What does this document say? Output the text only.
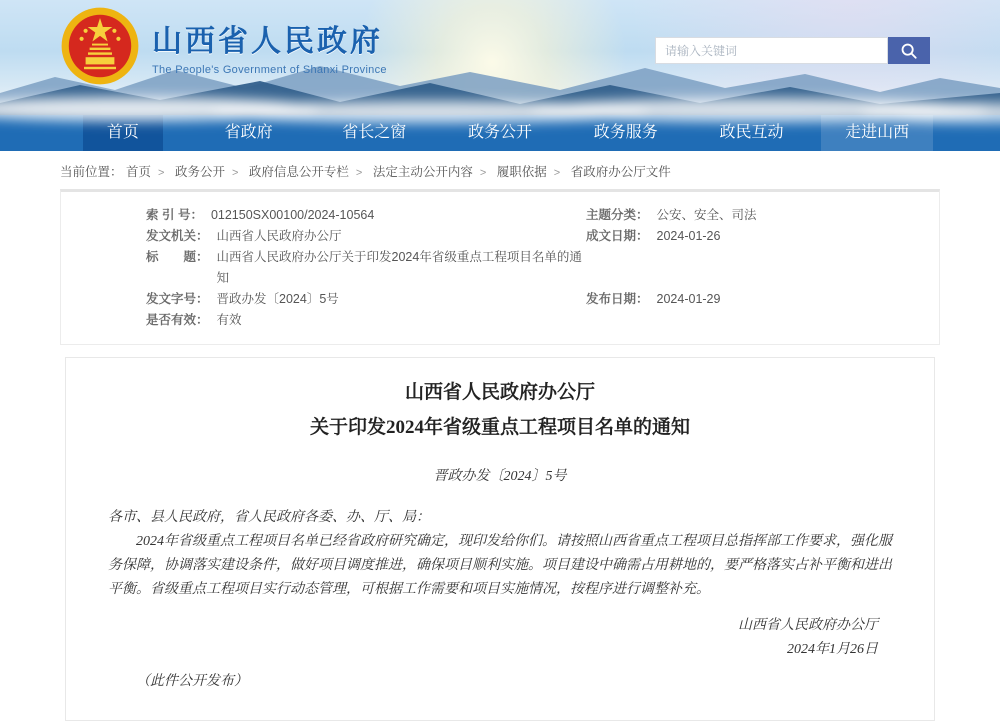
山西省人民政府
The People's Government of Shanxi Province
请输入关键词
首页	省政府	省长之窗	政务公开	政务服务	政民互动	走进山西
当前位置： 首页 > 政务公开 > 政府信息公开专栏 > 法定主动公开内容 > 履职依据 > 省政府办公厅文件
索 引 号： 012150SX00100/2024-10564	主题分类： 公安、安全、司法
发文机关： 山西省人民政府办公厅	成文日期： 2024-01-26
标　　题： 山西省人民政府办公厅关于印发2024年省级重点工程项目名单的通知
发文字号： 晋政办发〔2024〕5号	发布日期： 2024-01-29
是否有效： 有效
山西省人民政府办公厅
关于印发2024年省级重点工程项目名单的通知
晋政办发〔2024〕5号

各市、县人民政府，省人民政府各委、办、厅、局：

2024年省级重点工程项目名单已经省政府研究确定，现印发给你们。请按照山西省重点工程项目总指挥部工作要求，强化服务保障，协调落实建设条件，做好项目调度推进，确保项目顺利实施。项目建设中确需占用耕地的，要严格落实占补平衡和进出平衡。省级重点工程项目实行动态管理，可根据工作需要和项目实施情况，按程序进行调整补充。

山西省人民政府办公厅
2024年1月26日
（此件公开发布）
